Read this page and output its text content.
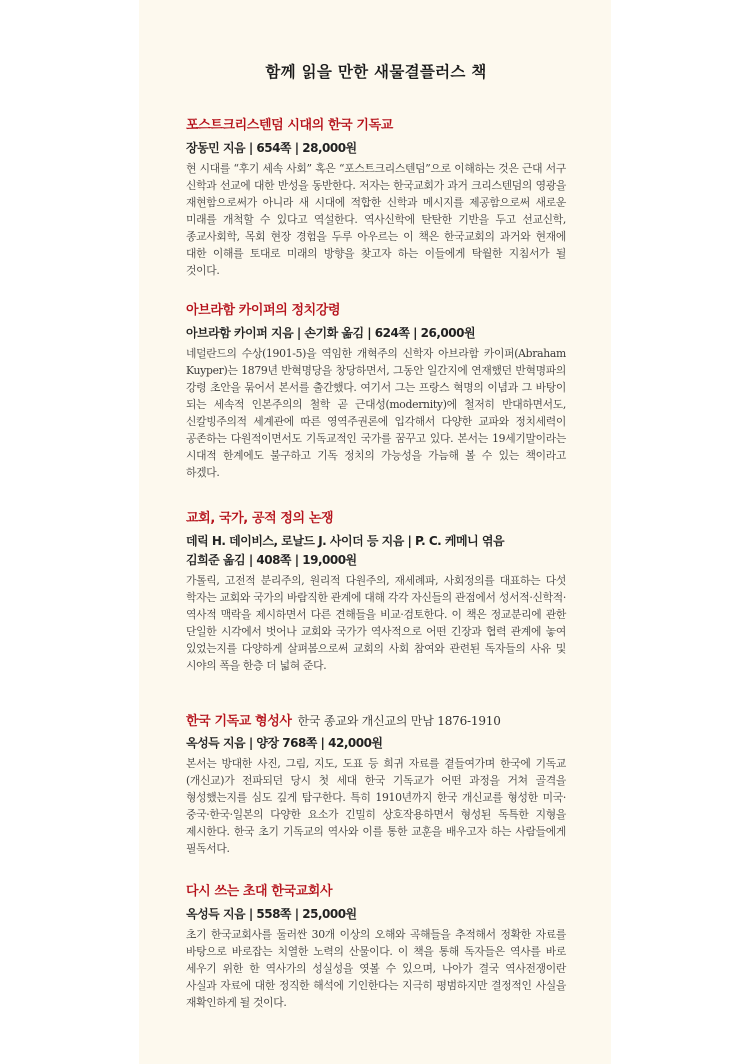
함께 읽을 만한 새물결플러스 책
포스트크리스텐덤 시대의 한국 기독교
장동민 지음 | 654쪽 | 28,000원
현 시대를 “후기 세속 사회” 혹은 “포스트크리스텐덤”으로 이해하는 것은 근대 서구 신학과 선교에 대한 반성을 동반한다. 저자는 한국교회가 과거 크리스텐덤의 영광을 재현함으로써가 아니라 새 시대에 적합한 신학과 메시지를 제공함으로써 새로운 미래를 개척할 수 있다고 역설한다. 역사신학에 탄탄한 기반을 두고 선교신학, 종교사회학, 목회 현장 경험을 두루 아우르는 이 책은 한국교회의 과거와 현재에 대한 이해를 토대로 미래의 방향을 찾고자 하는 이들에게 탁월한 지침서가 될 것이다.
아브라함 카이퍼의 정치강령
아브라함 카이퍼 지음 | 손기화 옮김 | 624쪽 | 26,000원
네덜란드의 수상(1901-5)을 역임한 개혁주의 신학자 아브라함 카이퍼(Abraham Kuyper)는 1879년 반혁명당을 창당하면서, 그동안 일간지에 연재했던 반혁명파의 강령 초안을 묶어서 본서를 출간했다. 여기서 그는 프랑스 혁명의 이념과 그 바탕이 되는 세속적 인본주의의 철학 곧 근대성(modernity)에 철저히 반대하면서도, 신칼빙주의적 세계관에 따른 영역주권론에 입각해서 다양한 교파와 정치세력이 공존하는 다원적이면서도 기독교적인 국가를 꿈꾸고 있다. 본서는 19세기말이라는 시대적 한계에도 불구하고 기독 정치의 가능성을 가늠해 볼 수 있는 책이라고 하겠다.
교회, 국가, 공적 정의 논쟁
데릭 H. 데이비스, 로날드 J. 사이더 등 지음 | P. C. 케메니 엮음
김희준 옮김 | 408쪽 | 19,000원
가톨릭, 고전적 분리주의, 원리적 다원주의, 재세례파, 사회정의를 대표하는 다섯 학자는 교회와 국가의 바람직한 관계에 대해 각각 자신들의 관점에서 성서적·신학적·역사적 맥락을 제시하면서 다른 견해들을 비교·검토한다. 이 책은 정교분리에 관한 단일한 시각에서 벗어나 교회와 국가가 역사적으로 어떤 긴장과 협력 관계에 놓여 있었는지를 다양하게 살펴봄으로써 교회의 사회 참여와 관련된 독자들의 사유 및 시야의 폭을 한층 더 넓혀 준다.
한국 기독교 형성사 한국 종교와 개신교의 만남 1876-1910
옥성득 지음 | 양장 768쪽 | 42,000원
본서는 방대한 사진, 그림, 지도, 도표 등 희귀 자료를 곁들여가며 한국에 기독교(개신교)가 전파되던 당시 첫 세대 한국 기독교가 어떤 과정을 거쳐 골격을 형성했는지를 심도 깊게 탐구한다. 특히 1910년까지 한국 개신교를 형성한 미국·중국·한국·일본의 다양한 요소가 긴밀히 상호작용하면서 형성된 독특한 지형을 제시한다. 한국 초기 기독교의 역사와 이를 통한 교훈을 배우고자 하는 사람들에게 필독서다.
다시 쓰는 초대 한국교회사
옥성득 지음 | 558쪽 | 25,000원
초기 한국교회사를 둘러싼 30개 이상의 오해와 곡해들을 추적해서 정확한 자료를 바탕으로 바로잡는 치열한 노력의 산물이다. 이 책을 통해 독자들은 역사를 바로 세우기 위한 한 역사가의 성실성을 엿볼 수 있으며, 나아가 결국 역사전쟁이란 사실과 자료에 대한 정직한 해석에 기인한다는 지극히 평범하지만 결정적인 사실을 재확인하게 될 것이다.
